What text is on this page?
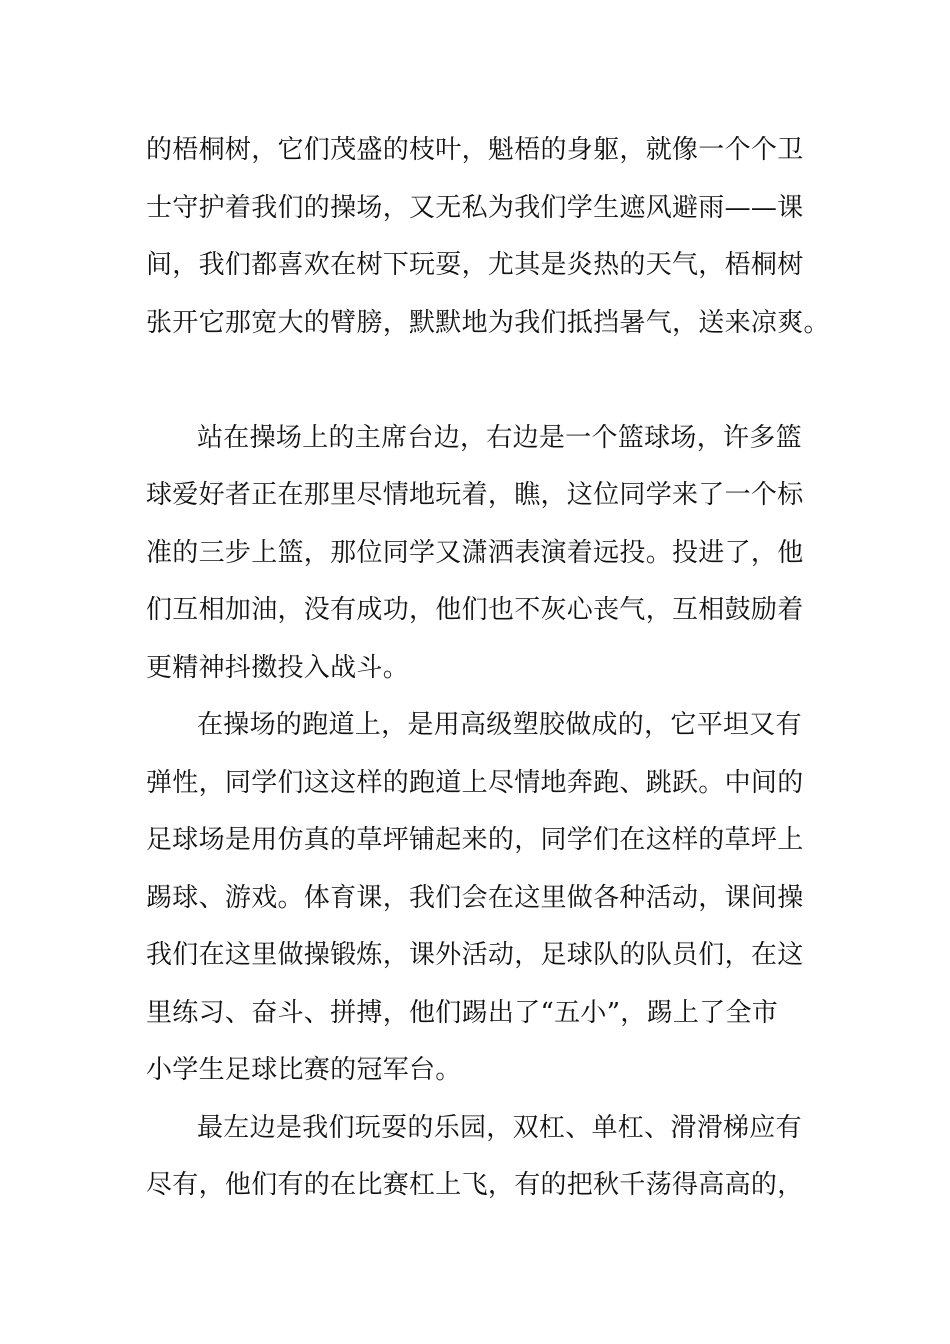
的梧桐树，它们茂盛的枝叶，魁梧的身躯，就像一个个卫
士守护着我们的操场，又无私为我们学生遮风避雨——课
间，我们都喜欢在树下玩耍，尤其是炎热的天气，梧桐树
张开它那宽大的臂膀，默默地为我们抵挡暑气，送来凉爽。
站在操场上的主席台边，右边是一个篮球场，许多篮
球爱好者正在那里尽情地玩着，瞧，这位同学来了一个标
准的三步上篮，那位同学又潇洒表演着远投。投进了，他
们互相加油，没有成功，他们也不灰心丧气，互相鼓励着
更精神抖擞投入战斗。
在操场的跑道上，是用高级塑胶做成的，它平坦又有
弹性，同学们这这样的跑道上尽情地奔跑、跳跃。中间的
足球场是用仿真的草坪铺起来的，同学们在这样的草坪上
踢球、游戏。体育课，我们会在这里做各种活动，课间操
我们在这里做操锻炼，课外活动，足球队的队员们，在这
里练习、奋斗、拼搏，他们踢出了“五小”，踢上了全市
小学生足球比赛的冠军台。
最左边是我们玩耍的乐园，双杠、单杠、滑滑梯应有
尽有，他们有的在比赛杠上飞，有的把秋千荡得高高的，
